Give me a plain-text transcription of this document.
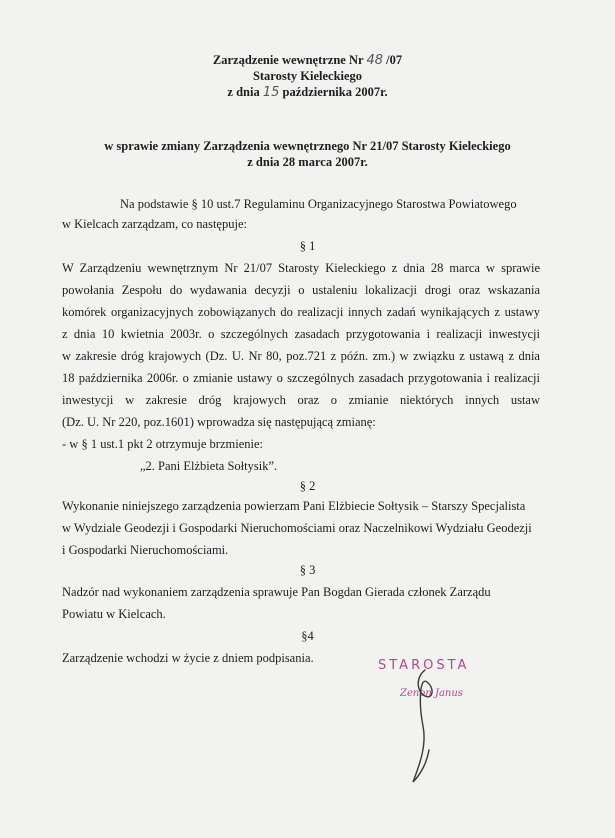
Zarządzenie wewnętrzne Nr 48 /07
Starosty Kieleckiego
z dnia 15 października 2007r.
w sprawie zmiany Zarządzenia wewnętrznego Nr 21/07 Starosty Kieleckiego
z dnia 28 marca 2007r.
Na podstawie § 10 ust.7 Regulaminu Organizacyjnego Starostwa Powiatowego
w Kielcach zarządzam, co następuje:
§ 1
W Zarządzeniu wewnętrznym Nr 21/07 Starosty Kieleckiego z dnia 28 marca w sprawie
powołania Zespołu do wydawania decyzji o ustaleniu lokalizacji drogi oraz wskazania
komórek organizacyjnych zobowiązanych do realizacji innych zadań wynikających z ustawy
z dnia 10 kwietnia 2003r. o szczególnych zasadach przygotowania i realizacji inwestycji
w zakresie dróg krajowych (Dz. U. Nr 80, poz.721 z późn. zm.) w związku z ustawą z dnia
18 października 2006r. o zmianie ustawy o szczególnych zasadach przygotowania i realizacji
inwestycji w zakresie dróg krajowych oraz o zmianie niektórych innych ustaw
(Dz. U. Nr 220, poz.1601) wprowadza się następującą zmianę:
- w § 1 ust.1 pkt 2 otrzymuje brzmienie:
„2. Pani Elżbieta Sołtysik”.
§ 2
Wykonanie niniejszego zarządzenia powierzam Pani Elżbiecie Sołtysik – Starszy Specjalista
w Wydziale Geodezji i Gospodarki Nieruchomościami oraz Naczelnikowi Wydziału Geodezji
i Gospodarki Nieruchomościami.
§ 3
Nadzór nad wykonaniem zarządzenia sprawuje Pan Bogdan Gierada członek Zarządu
Powiatu w Kielcach.
§4
Zarządzenie wchodzi w życie z dniem podpisania.	STAROSTA
Zenon Janus
